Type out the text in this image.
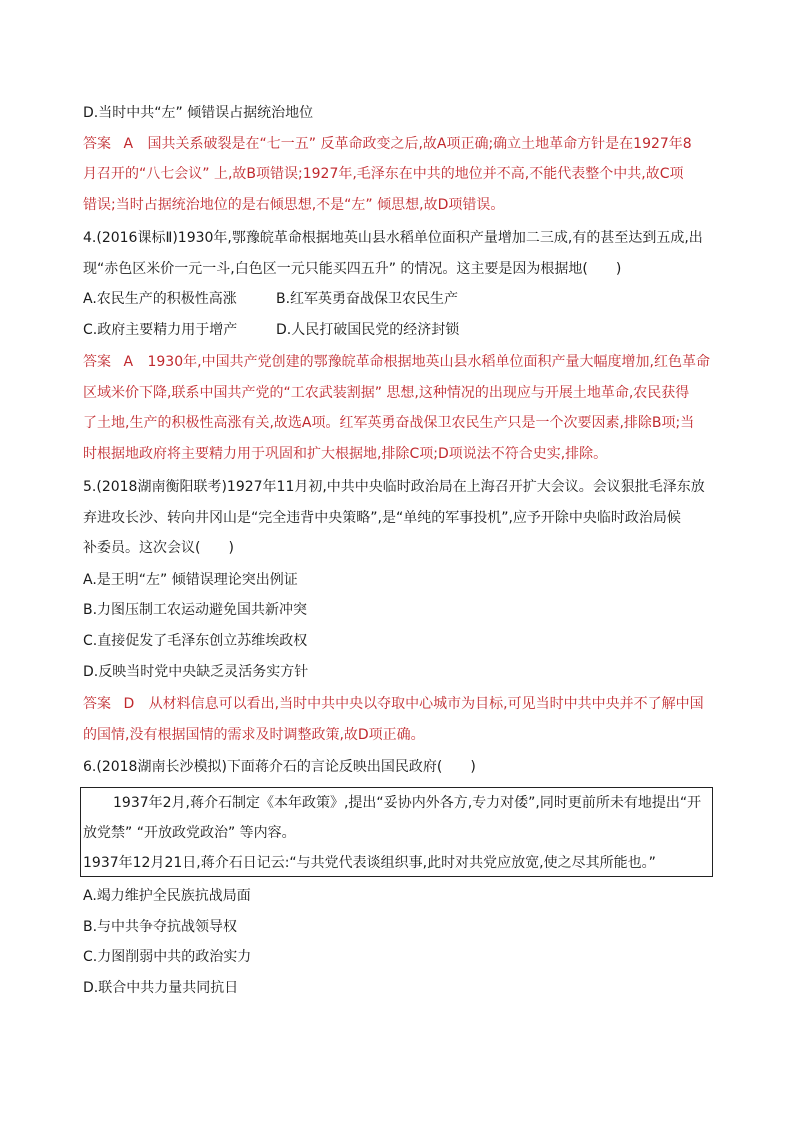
D.当时中共“左” 倾错误占据统治地位
答案 A 国共关系破裂是在“七一五” 反革命政变之后,故A项正确;确立土地革命方针是在1927年8
月召开的“八七会议” 上,故B项错误;1927年,毛泽东在中共的地位并不高,不能代表整个中共,故C项
错误;当时占据统治地位的是右倾思想,不是“左” 倾思想,故D项错误。
4.(2016课标Ⅱ)1930年,鄂豫皖革命根据地英山县水稻单位面积产量增加二三成,有的甚至达到五成,出
现“赤色区米价一元一斗,白色区一元只能买四五升” 的情况。这主要是因为根据地(　　)
A.农民生产的积极性高涨	B.红军英勇奋战保卫农民生产
C.政府主要精力用于增产	D.人民打破国民党的经济封锁
答案 A 1930年,中国共产党创建的鄂豫皖革命根据地英山县水稻单位面积产量大幅度增加,红色革命
区域米价下降,联系中国共产党的“工农武装割据” 思想,这种情况的出现应与开展土地革命,农民获得
了土地,生产的积极性高涨有关,故选A项。红军英勇奋战保卫农民生产只是一个次要因素,排除B项;当
时根据地政府将主要精力用于巩固和扩大根据地,排除C项;D项说法不符合史实,排除。
5.(2018湖南衡阳联考)1927年11月初,中共中央临时政治局在上海召开扩大会议。会议狠批毛泽东放
弃进攻长沙、转向井冈山是“完全违背中央策略”,是“单纯的军事投机”,应予开除中央临时政治局候
补委员。这次会议(　　)
A.是王明“左” 倾错误理论突出例证
B.力图压制工农运动避免国共新冲突
C.直接促发了毛泽东创立苏维埃政权
D.反映当时党中央缺乏灵活务实方针
答案 D 从材料信息可以看出,当时中共中央以夺取中心城市为目标,可见当时中共中央并不了解中国
的国情,没有根据国情的需求及时调整政策,故D项正确。
6.(2018湖南长沙模拟)下面蒋介石的言论反映出国民政府(　　)
1937年2月,蒋介石制定《本年政策》,提出“妥协内外各方,专力对倭”,同时更前所未有地提出“开
放党禁” “开放政党政治” 等内容。
1937年12月21日,蒋介石日记云:“与共党代表谈组织事,此时对共党应放宽,使之尽其所能也。”
A.竭力维护全民族抗战局面
B.与中共争夺抗战领导权
C.力图削弱中共的政治实力
D.联合中共力量共同抗日
